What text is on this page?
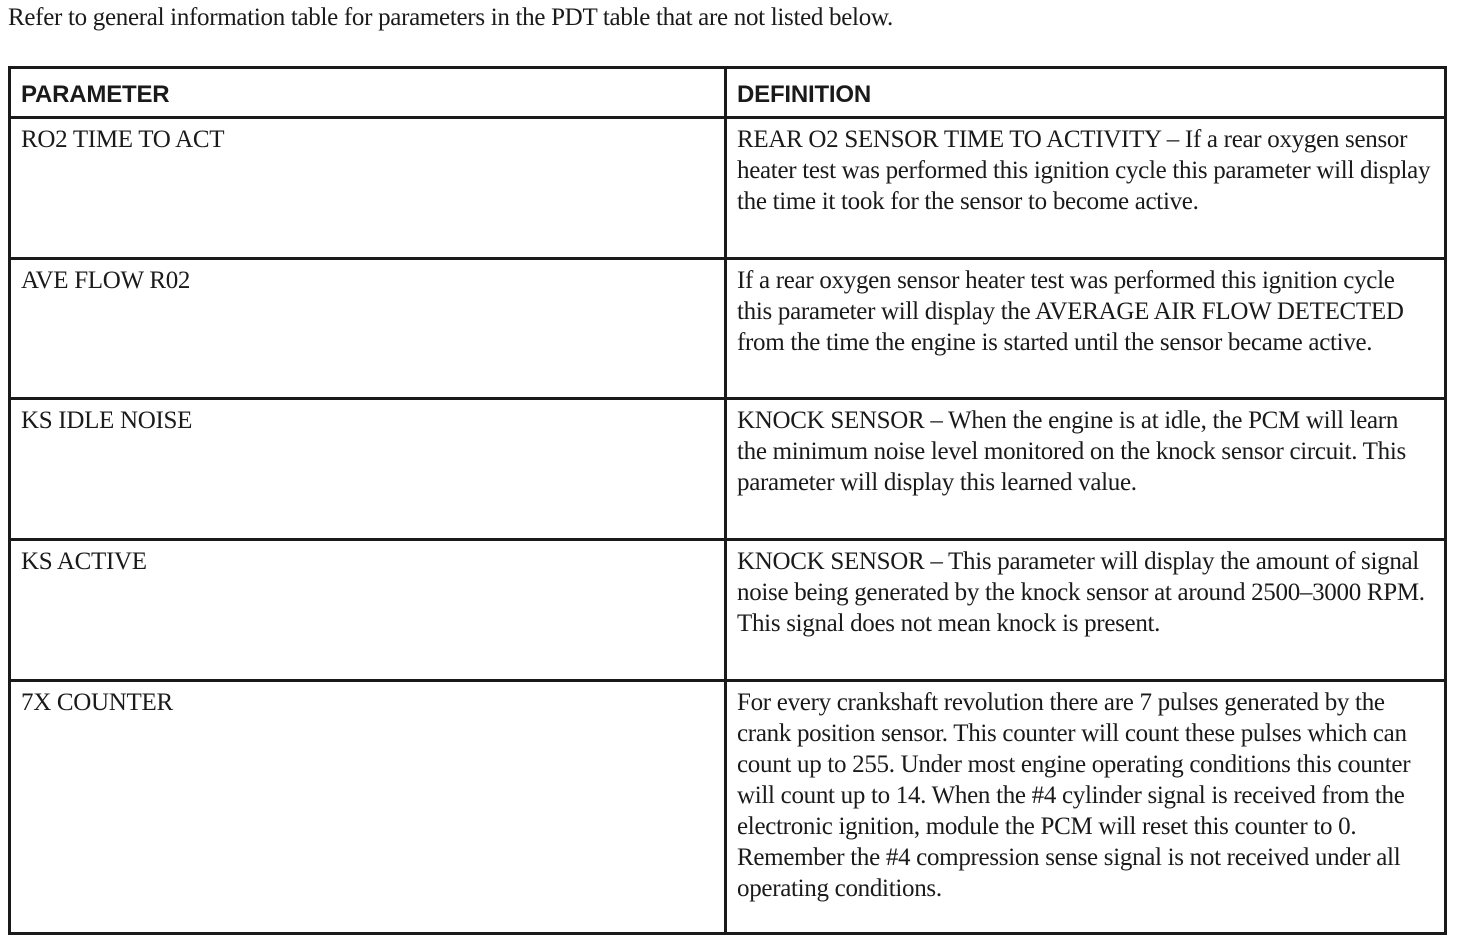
Refer to general information table for parameters in the PDT table that are not listed below.
PARAMETER	DEFINITION
RO2 TIME TO ACT	REAR O2 SENSOR TIME TO ACTIVITY – If a rear oxygen sensor heater test was performed this ignition cycle this parameter will display the time it took for the sensor to become active.
AVE FLOW R02	If a rear oxygen sensor heater test was performed this ignition cycle this parameter will display the AVERAGE AIR FLOW DETECTED from the time the engine is started until the sensor became active.
KS IDLE NOISE	KNOCK SENSOR – When the engine is at idle, the PCM will learn the minimum noise level monitored on the knock sensor circuit. This parameter will display this learned value.
KS ACTIVE	KNOCK SENSOR – This parameter will display the amount of signal noise being generated by the knock sensor at around 2500–3000 RPM. This signal does not mean knock is present.
7X COUNTER	For every crankshaft revolution there are 7 pulses generated by the crank position sensor. This counter will count these pulses which can count up to 255. Under most engine operating conditions this counter will count up to 14. When the #4 cylinder signal is received from the electronic ignition, module the PCM will reset this counter to 0. Remember the #4 compression sense signal is not received under all operating conditions.
